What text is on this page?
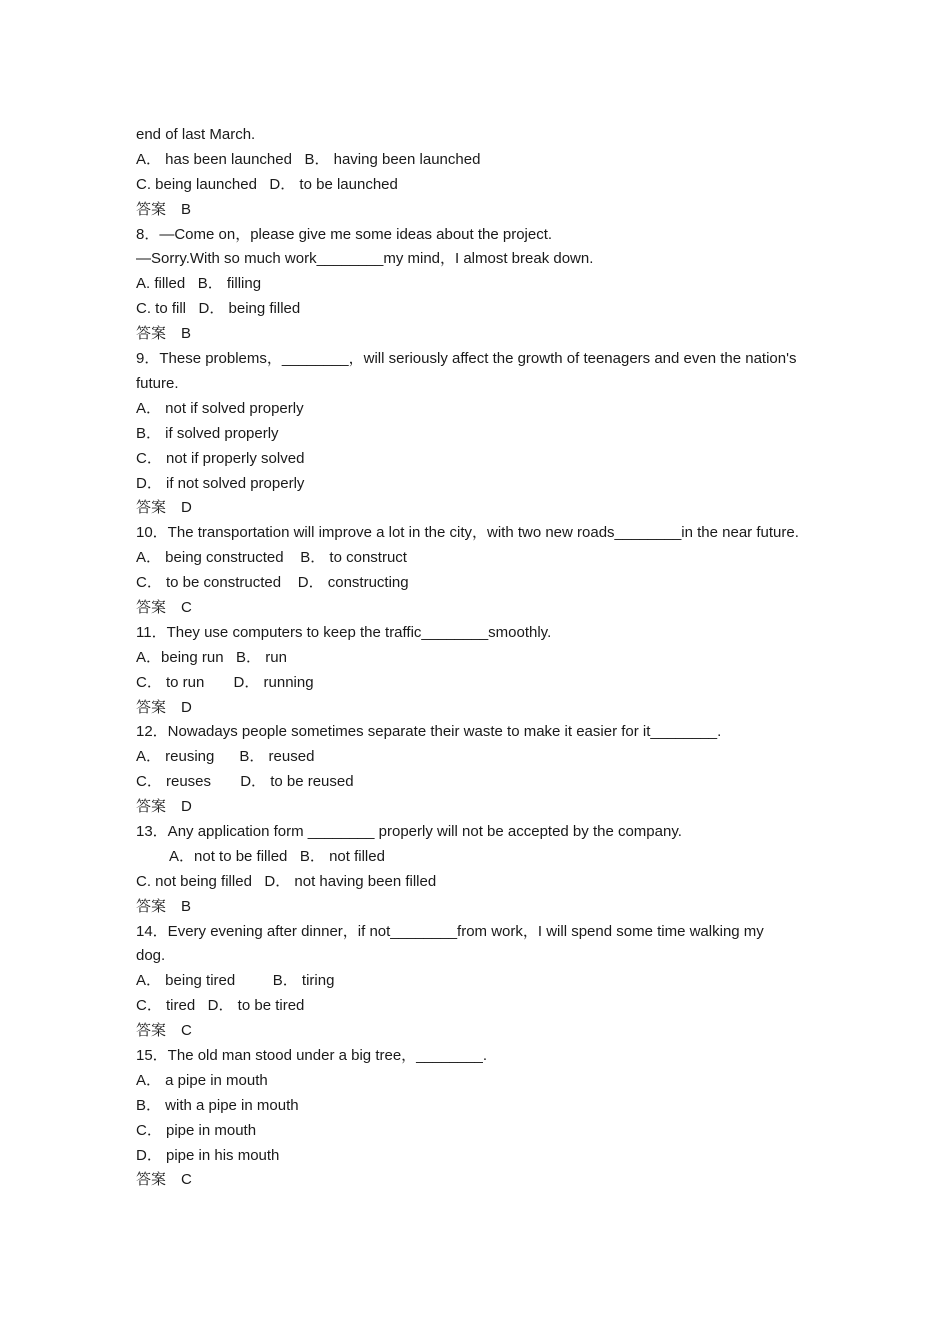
end of last March.
A． has been launched   B． having been launched
C. being launched   D． to be launched
答案　B
8．—Come on，please give me some ideas about the project.
—Sorry.With so much work________my mind，I almost break down.
A. filled   B． filling
C. to fill   D． being filled
答案　B
9．These problems，________，will seriously affect the growth of teenagers and even the nation's future.
A． not if solved properly
B． if solved properly
C． not if properly solved
D． if not solved properly
答案　D
10．The transportation will improve a lot in the city，with two new roads________in the near future.
A． being constructed    B． to construct
C． to be constructed    D． constructing
答案　C
11．They use computers to keep the traffic________smoothly.
A．being run   B． run
C． to run       D． running
答案　D
12．Nowadays people sometimes separate their waste to make it easier for it________.
A． reusing      B． reused
C． reuses       D． to be reused
答案　D
13．Any application form ________ properly will not be accepted by the company.
A．not to be filled   B． not filled
C. not being filled   D． not having been filled
答案　B
14．Every evening after dinner，if not________from work，I will spend some time walking my dog.
A． being tired         B． tiring
C． tired   D． to be tired
答案　C
15．The old man stood under a big tree，________.
A． a pipe in mouth
B． with a pipe in mouth
C． pipe in mouth
D． pipe in his mouth
答案　C
